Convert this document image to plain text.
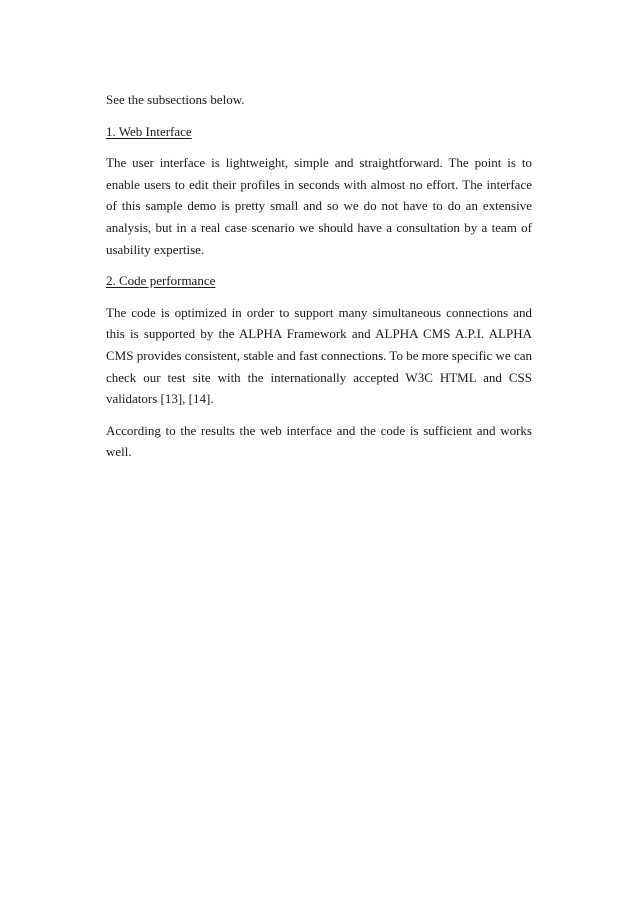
See the subsections below.

1. Web Interface

The user interface is lightweight, simple and straightforward. The point is to enable users to edit their profiles in seconds with almost no effort. The interface of this sample demo is pretty small and so we do not have to do an extensive analysis, but in a real case scenario we should have a consultation by a team of usability expertise.

2. Code performance

The code is optimized in order to support many simultaneous connections and this is supported by the ALPHA Framework and ALPHA CMS A.P.I. ALPHA CMS provides consistent, stable and fast connections. To be more specific we can check our test site with the internationally accepted W3C HTML and CSS validators [13], [14].

According to the results the web interface and the code is sufficient and works well.
